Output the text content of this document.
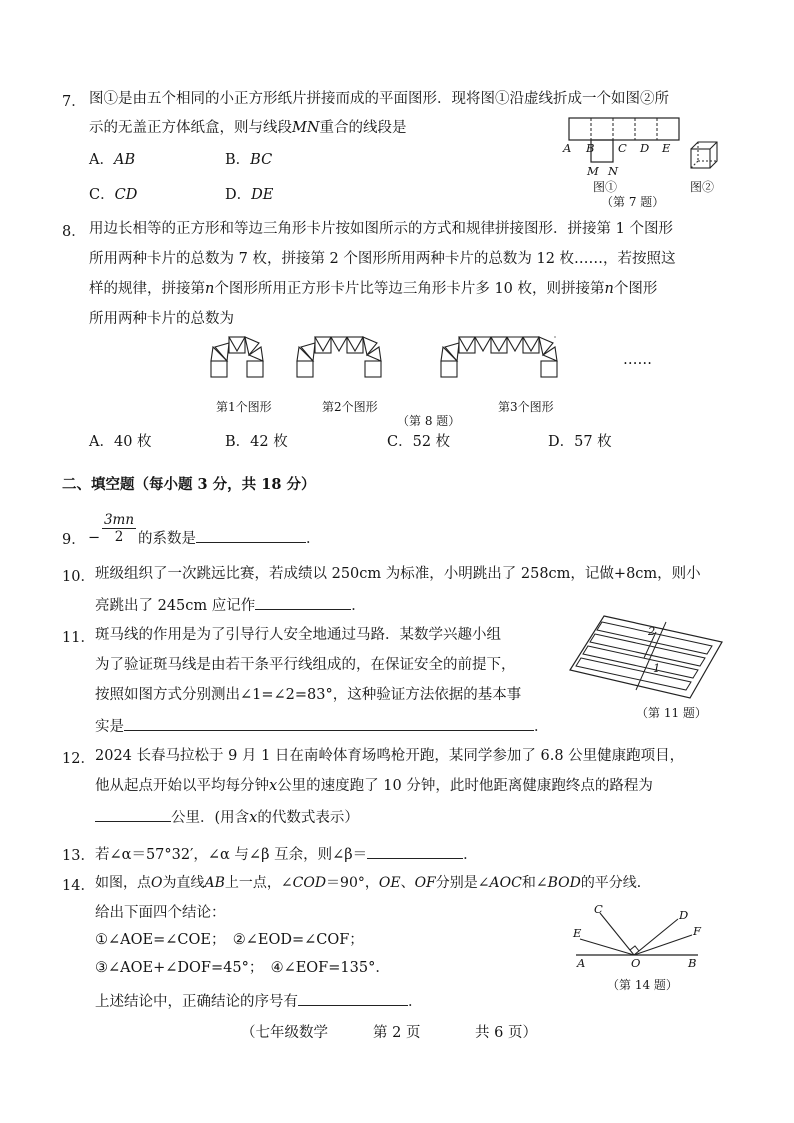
7． 图①是由五个相同的小正方形纸片拼接而成的平面图形．现将图①沿虚线折成一个如图②所
示的无盖正方体纸盒，则与线段MN重合的线段是
A．AB	B．BC
C．CD	D．DE
A B C D E
M N
图①	图②
（第 7 题）
8． 用边长相等的正方形和等边三角形卡片按如图所示的方式和规律拼接图形．拼接第 1 个图形
所用两种卡片的总数为 7 枚，拼接第 2 个图形所用两种卡片的总数为 12 枚……，若按照这
样的规律，拼接第n个图形所用正方形卡片比等边三角形卡片多 10 枚，则拼接第n个图形
所用两种卡片的总数为
……
第1个图形	第2个图形	第3个图形
（第 8 题）
A．40 枚	B．42 枚	C．52 枚	D．57 枚
二、填空题（每小题 3 分，共 18 分）
9． − $\frac{3mn}{2}$ 的系数是	．
10． 班级组织了一次跳远比赛，若成绩以 250cm 为标准，小明跳出了 258cm，记做+8cm，则小
亮跳出了 245cm 应记作	．
11． 斑马线的作用是为了引导行人安全地通过马路．某数学兴趣小组
为了验证斑马线是由若干条平行线组成的，在保证安全的前提下，
按照如图方式分别测出∠1=∠2=83°，这种验证方法依据的基本事
实是	．
2
1
（第 11 题）
12． 2024 长春马拉松于 9 月 1 日在南岭体育场鸣枪开跑，某同学参加了 6.8 公里健康跑项目，
他从起点开始以平均每分钟x公里的速度跑了 10 分钟，此时他距离健康跑终点的路程为
公里．(用含x的代数式表示）
13． 若∠α＝57°32′，∠α 与∠β 互余，则∠β＝	．
14． 如图，点O为直线AB上一点，∠COD＝90°，OE、OF分别是∠AOC和∠BOD的平分线．
给出下面四个结论：
①∠AOE=∠COE；　②∠EOD=∠COF；
③∠AOE+∠DOF=45°；　④∠EOF=135°．
上述结论中，正确结论的序号有	．
C	D
E	F
A	O	B
（第 14 题）
（七年级数学	第 2 页	共 6 页）
